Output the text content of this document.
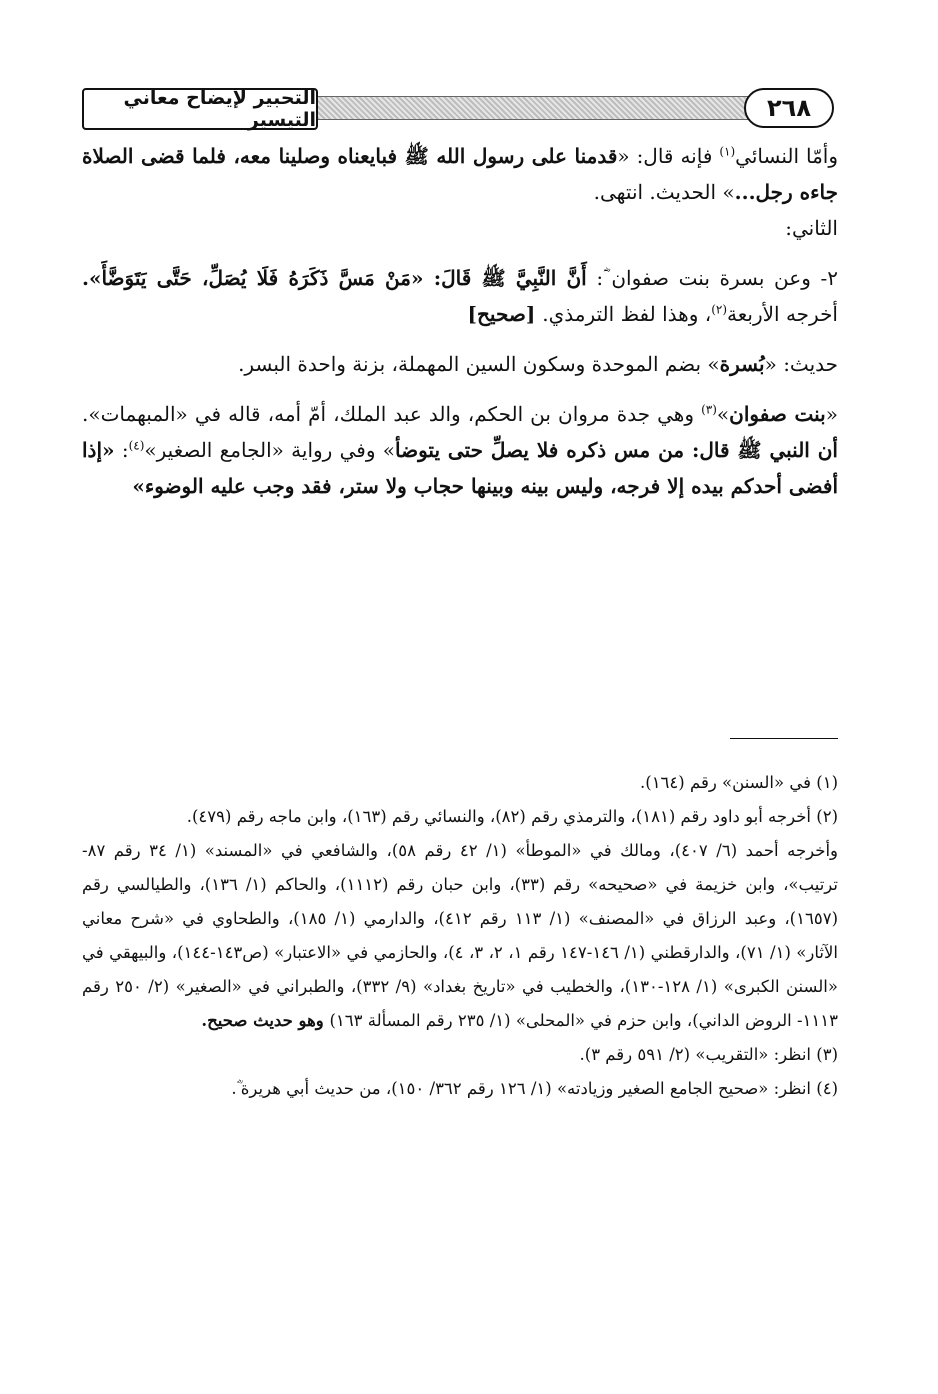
التحبير لإيضاح معاني التيسير	٢٦٨

وأمّا النسائي$^{(١)}$ فإنه قال: «قدمنا على رسول الله ﷺ فبايعناه وصلينا معه، فلما قضى الصلاة جاءه رجل...» الحديث. انتهى.

الثاني:

٢- وعن بسرة بنت صفوان ؓ: أَنَّ النَّبِيَّ ﷺ قَالَ: «مَنْ مَسَّ ذَكَرَهُ فَلَا يُصَلِّ، حَتَّى يَتَوَضَّأَ». أخرجه الأربعة$^{(٢)}$، وهذا لفظ الترمذي. [صحيح]

حديث: «بُسرة» بضم الموحدة وسكون السين المهملة، بزنة واحدة البسر.

«بنت صفوان»$^{(٣)}$ وهي جدة مروان بن الحكم، والد عبد الملك، أمّ أمه، قاله في «المبهمات». أن النبي ﷺ قال: من مس ذكره فلا يصلِّ حتى يتوضأ» وفي رواية «الجامع الصغير»$^{(٤)}$: «إذا أفضى أحدكم بيده إلا فرجه، وليس بينه وبينها حجاب ولا ستر، فقد وجب عليه الوضوء»

(١) في «السنن» رقم (١٦٤).

(٢) أخرجه أبو داود رقم (١٨١)، والترمذي رقم (٨٢)، والنسائي رقم (١٦٣)، وابن ماجه رقم (٤٧٩).

وأخرجه أحمد (٦/ ٤٠٧)، ومالك في «الموطأ» (١/ ٤٢ رقم ٥٨)، والشافعي في «المسند» (١/ ٣٤ رقم ٨٧- ترتيب»، وابن خزيمة في «صحيحه» رقم (٣٣)، وابن حبان رقم (١١١٢)، والحاكم (١/ ١٣٦)، والطيالسي رقم (١٦٥٧)، وعبد الرزاق في «المصنف» (١/ ١١٣ رقم ٤١٢)، والدارمي (١/ ١٨٥)، والطحاوي في «شرح معاني الآثار» (١/ ٧١)، والدارقطني (١/ ١٤٦-١٤٧ رقم ١، ٢، ٣، ٤)، والحازمي في «الاعتبار» (ص١٤٣-١٤٤)، والبيهقي في «السنن الكبرى» (١/ ١٢٨-١٣٠)، والخطيب في «تاريخ بغداد» (٩/ ٣٣٢)، والطبراني في «الصغير» (٢/ ٢٥٠ رقم ١١١٣- الروض الداني)، وابن حزم في «المحلى» (١/ ٢٣٥ رقم المسألة ١٦٣) وهو حديث صحيح.

(٣) انظر: «التقريب» (٢/ ٥٩١ رقم ٣).

(٤) انظر: «صحيح الجامع الصغير وزيادته» (١/ ١٢٦ رقم ٣٦٢/ ١٥٠)، من حديث أبي هريرة ؓ.
